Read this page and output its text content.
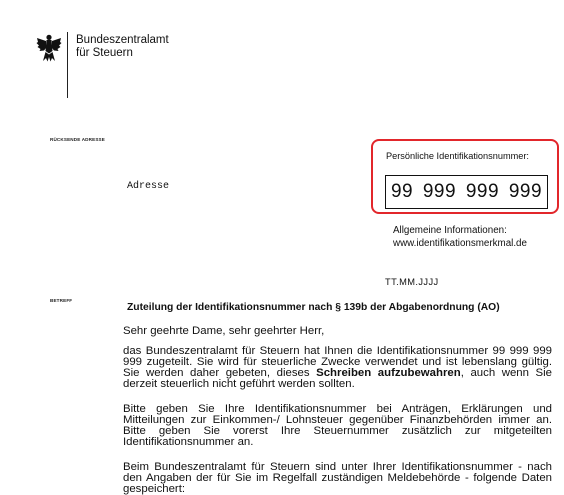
Bundeszentralamt
für Steuern
RÜCKSENDE ADRESSE
Adresse
Persönliche Identifikationsnummer:
99 999 999 999
Allgemeine Informationen:
www.identifikationsmerkmal.de
TT.MM.JJJJ
BETREFF
Zuteilung der Identifikationsnummer nach § 139b der Abgabenordnung (AO)
Sehr geehrte Dame, sehr geehrter Herr,
das Bundeszentralamt für Steuern hat Ihnen die Identifikationsnummer 99 999 999 999 zugeteilt. Sie wird für steuerliche Zwecke verwendet und ist lebenslang gültig. Sie werden daher gebeten, dieses Schreiben aufzubewahren, auch wenn Sie derzeit steuerlich nicht geführt werden sollten.
Bitte geben Sie Ihre Identifikationsnummer bei Anträgen, Erklärungen und Mitteilungen zur Einkommen-/ Lohnsteuer gegenüber Finanzbehörden immer an. Bitte geben Sie vorerst Ihre Steuernummer zusätzlich zur mitgeteilten Identifikationsnummer an.
Beim Bundeszentralamt für Steuern sind unter Ihrer Identifikationsnummer - nach den Angaben der für Sie im Regelfall zuständigen Meldebehörde - folgende Daten gespeichert:
